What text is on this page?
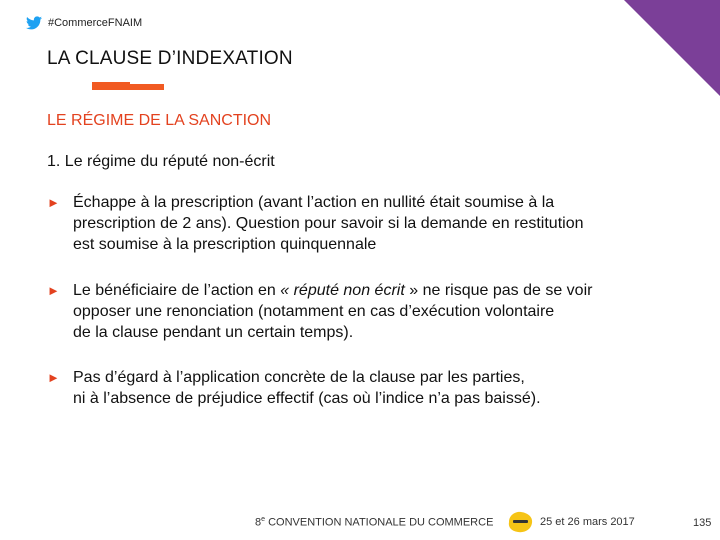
#CommerceFNAIM
LA CLAUSE D’INDEXATION
LE RÉGIME DE LA SANCTION
1. Le régime du réputé non-écrit
► Échappe à la prescription (avant l’action en nullité était soumise à la
prescription de 2 ans). Question pour savoir si la demande en restitution
est soumise à la prescription quinquennale
► Le bénéficiaire de l’action en « réputé non écrit » ne risque pas de se voir
opposer une renonciation (notamment en cas d’exécution volontaire
de la clause pendant un certain temps).
► Pas d’égard à l’application concrète de la clause par les parties,
ni à l’absence de préjudice effectif (cas où l’indice n’a pas baissé).
8e CONVENTION NATIONALE DU COMMERCE	25 et 26 mars 2017	135
